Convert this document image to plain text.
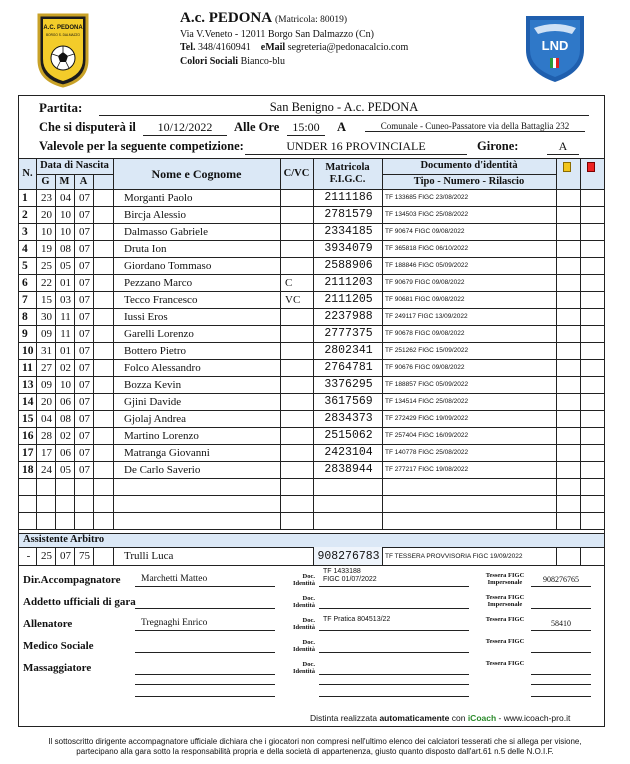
A.C. PEDONA
BORGO S. DALMAZZO
A.c. PEDONA (Matricola: 80019)
Via V.Veneto - 12011 Borgo San Dalmazzo (Cn)
Tel. 348/4160941 eMail segreteria@pedonacalcio.com
Colori Sociali Bianco-blu
LND
Partita:	San Benigno - A.c. PEDONA
Che si disputerà il	10/12/2022	Alle Ore	15:00	A	Comunale - Cuneo-Passatore via della Battaglia 232
Valevole per la seguente competizione:	UNDER 16 PROVINCIALE	Girone:	A
N.
Data di Nascita
G M A
Nome e Cognome	C/VC
Matricola F.I.G.C.
Documento d'identità
Tipo - Numero - Rilascio
1	23 04 07	Morganti Paolo	2111186	TF 133685 FIGC 23/08/2022
2	20 10 07	Bircja Alessio	2781579	TF 134503 FIGC 25/08/2022
3	10 10 07	Dalmasso Gabriele	2334185	TF 90674 FIGC 09/08/2022
4	19 08 07	Druta Ion	3934079	TF 365818 FIGC 06/10/2022
5	25 05 07	Giordano Tommaso	2588906	TF 188846 FIGC 05/09/2022
6	22 01 07	Pezzano Marco	C	2111203	TF 90679 FIGC 09/08/2022
7	15 03 07	Tecco Francesco	VC	2111205	TF 90681 FIGC 09/08/2022
8	30 11 07	Iussi Eros	2237988	TF 249117 FIGC 13/09/2022
9	09 11 07	Garelli Lorenzo	2777375	TF 90678 FIGC 09/08/2022
10 31 01 07	Bottero Pietro	2802341	TF 251262 FIGC 15/09/2022
11 27 02 07	Folco Alessandro	2764781	TF 90676 FIGC 09/08/2022
13 09 10 07	Bozza Kevin	3376295	TF 188857 FIGC 05/09/2022
14 20 06 07	Gjini Davide	3617569	TF 134514 FIGC 25/08/2022
15 04 08 07	Gjolaj Andrea	2834373	TF 272429 FIGC 19/09/2022
16 28 02 07	Martino Lorenzo	2515062	TF 257404 FIGC 16/09/2022
17 17 06 07	Matranga Giovanni	2423104	TF 140778 FIGC 25/08/2022
18 24 05 07	De Carlo Saverio	2838944	TF 277217 FIGC 19/08/2022
Assistente Arbitro
- 25 07 75	Trulli Luca	908276783 TF TESSERA PROVVISORIA FIGC 19/09/2022
Dir.Accompagnatore	Marchetti Matteo	Doc. Identità
TF 1433188
FIGC 01/07/2022
Tessera FIGC Impersonale	908276765
Addetto ufficiali di gara	Doc. Identità
Tessera FIGC Impersonale
Allenatore	Tregnaghi Enrico	Doc. Identità
TF Pratica 804513/22	Tessera FIGC	58410
Medico Sociale	Doc. Identità
Tessera FIGC
Massaggiatore	Doc. Identità
Tessera FIGC
Distinta realizzata automaticamente con iCoach - www.icoach-pro.it
Il sottoscritto dirigente accompagnatore ufficiale dichiara che i giocatori non compresi nell'ultimo elenco dei calciatori tesserati che si allega per visione,
partecipano alla gara sotto la responsabilità propria e della società di appartenenza, giusto quanto disposto dall'art.61 n.5 delle N.O.I.F.
